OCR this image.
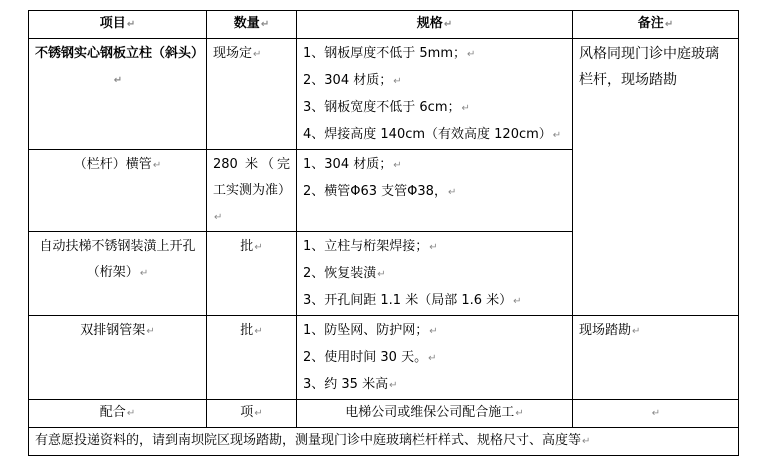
项目↵	数量↵	规格↵	备注↵
不锈钢实心钢板立柱（斜头）↵	现场定↵	1、钢板厚度不低于 5mm；↵
2、304 材质；↵
3、钢板宽度不低于 6cm；↵
4、焊接高度 140cm（有效高度 120cm）↵	风格同现门诊中庭玻璃栏杆，现场踏勘
（栏杆）横管↵	280 米（完工实测为准）↵	1、304 材质；↵
2、横管Φ63 支管Φ38，↵	

自动扶梯不锈钢装潢上开孔（桁架）↵	批↵	1、立柱与桁架焊接；↵
2、恢复装潢↵
3、开孔间距 1.1 米（局部 1.6 米）↵	

双排钢管架↵	批↵	1、防坠网、防护网；↵
2、使用时间 30 天。↵
3、约 35 米高↵	现场踏勘↵
配合↵	项↵	电梯公司或维保公司配合施工↵	↵
有意愿投递资料的，请到南坝院区现场踏勘，测量现门诊中庭玻璃栏杆样式、规格尺寸、高度等↵			
